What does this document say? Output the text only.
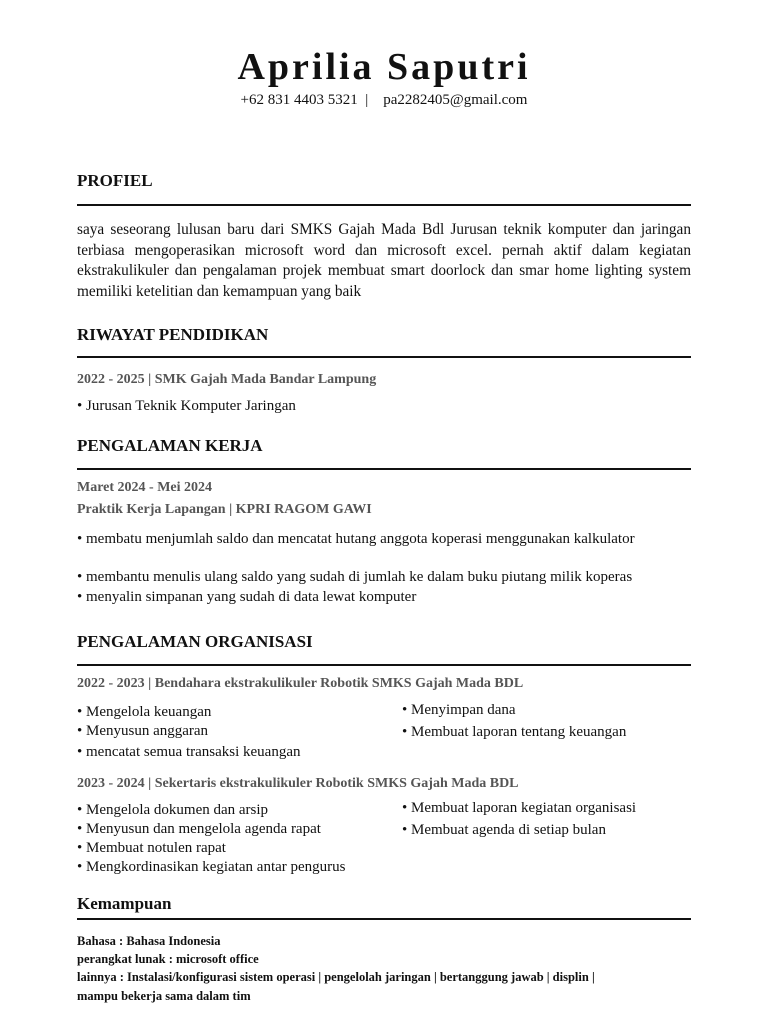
Aprilia Saputri
+62 831 4403 5321  |    pa2282405@gmail.com
PROFIEL

saya seseorang lulusan baru dari SMKS Gajah Mada Bdl Jurusan teknik komputer dan jaringan terbiasa mengoperasikan microsoft word dan microsoft excel. pernah aktif dalam kegiatan ekstrakulikuler dan pengalaman projek membuat smart doorlock dan smar home lighting system memiliki ketelitian dan kemampuan yang baik

RIWAYAT PENDIDIKAN
2022 - 2025 | SMK Gajah Mada Bandar Lampung
• Jurusan Teknik Komputer Jaringan
PENGALAMAN KERJA
Maret 2024 - Mei 2024
Praktik Kerja Lapangan | KPRI RAGOM GAWI
• membatu menjumlah saldo dan mencatat hutang anggota koperasi menggunakan kalkulator
• membantu menulis ulang saldo yang sudah di jumlah ke dalam buku piutang milik koperas
• menyalin simpanan yang sudah di data lewat komputer
PENGALAMAN ORGANISASI
2022 - 2023 | Bendahara ekstrakulikuler Robotik SMKS Gajah Mada BDL
• Mengelola keuangan
• Menyusun anggaran
• mencatat semua transaksi keuangan
• Menyimpan dana
• Membuat laporan tentang keuangan
2023 - 2024 | Sekertaris ekstrakulikuler Robotik SMKS Gajah Mada BDL
• Mengelola dokumen dan arsip
• Menyusun dan mengelola agenda rapat
• Membuat notulen rapat
• Mengkordinasikan kegiatan antar pengurus
• Membuat laporan kegiatan organisasi
• Membuat agenda di setiap bulan
Kemampuan
Bahasa : Bahasa Indonesia
perangkat lunak : microsoft office
lainnya : Instalasi/konfigurasi sistem operasi | pengelolah jaringan | bertanggung jawab | displin |
mampu bekerja sama dalam tim
